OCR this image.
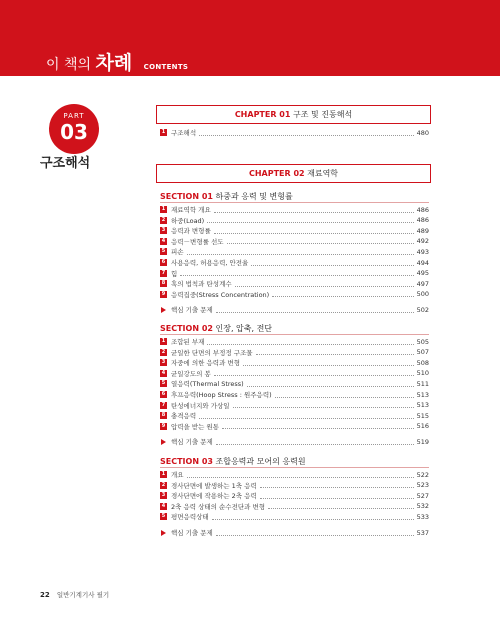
이 책의 차례 CONTENTS
PART
03
구조해석
CHAPTER 01 구조 및 진동해석
1 구조해석	480
CHAPTER 02 재료역학
SECTION 01 하중과 응력 및 변형률
1 재료역학 개요	486
2 하중(Load)	486
3 응력과 변형률	489
4 응력－변형률 선도	492
5 피손	493
6 사용응력, 허용응력, 안전율	494
7 힘	495
8 훅의 법칙과 탄성계수	497
9 응력집중(Stress Concentration)	500
핵심 기출 문제	502
SECTION 02 인장, 압축, 전단
1 조합된 부재	505
2 균일한 단면의 부정정 구조물	507
3 자중에 의한 응력과 변형	508
4 균일강도의 봉	510
5 열응력(Thermal Stress)	511
6 후프응력(Hoop Stress : 원주응력)	513
7 탄성에너지와 가상일	513
8 충격응력	515
9 압력을 받는 원통	516
핵심 기출 문제	519
SECTION 03 조합응력과 모어의 응력원
1 개요	522
2 경사단면에 발생하는 1축 응력	523
3 경사단면에 작용하는 2축 응력	527
4 2축 응력 상태의 순수전단과 변형	532
5 평면응력상태	533
핵심 기출 문제	537
22 일반기계기사 필기
